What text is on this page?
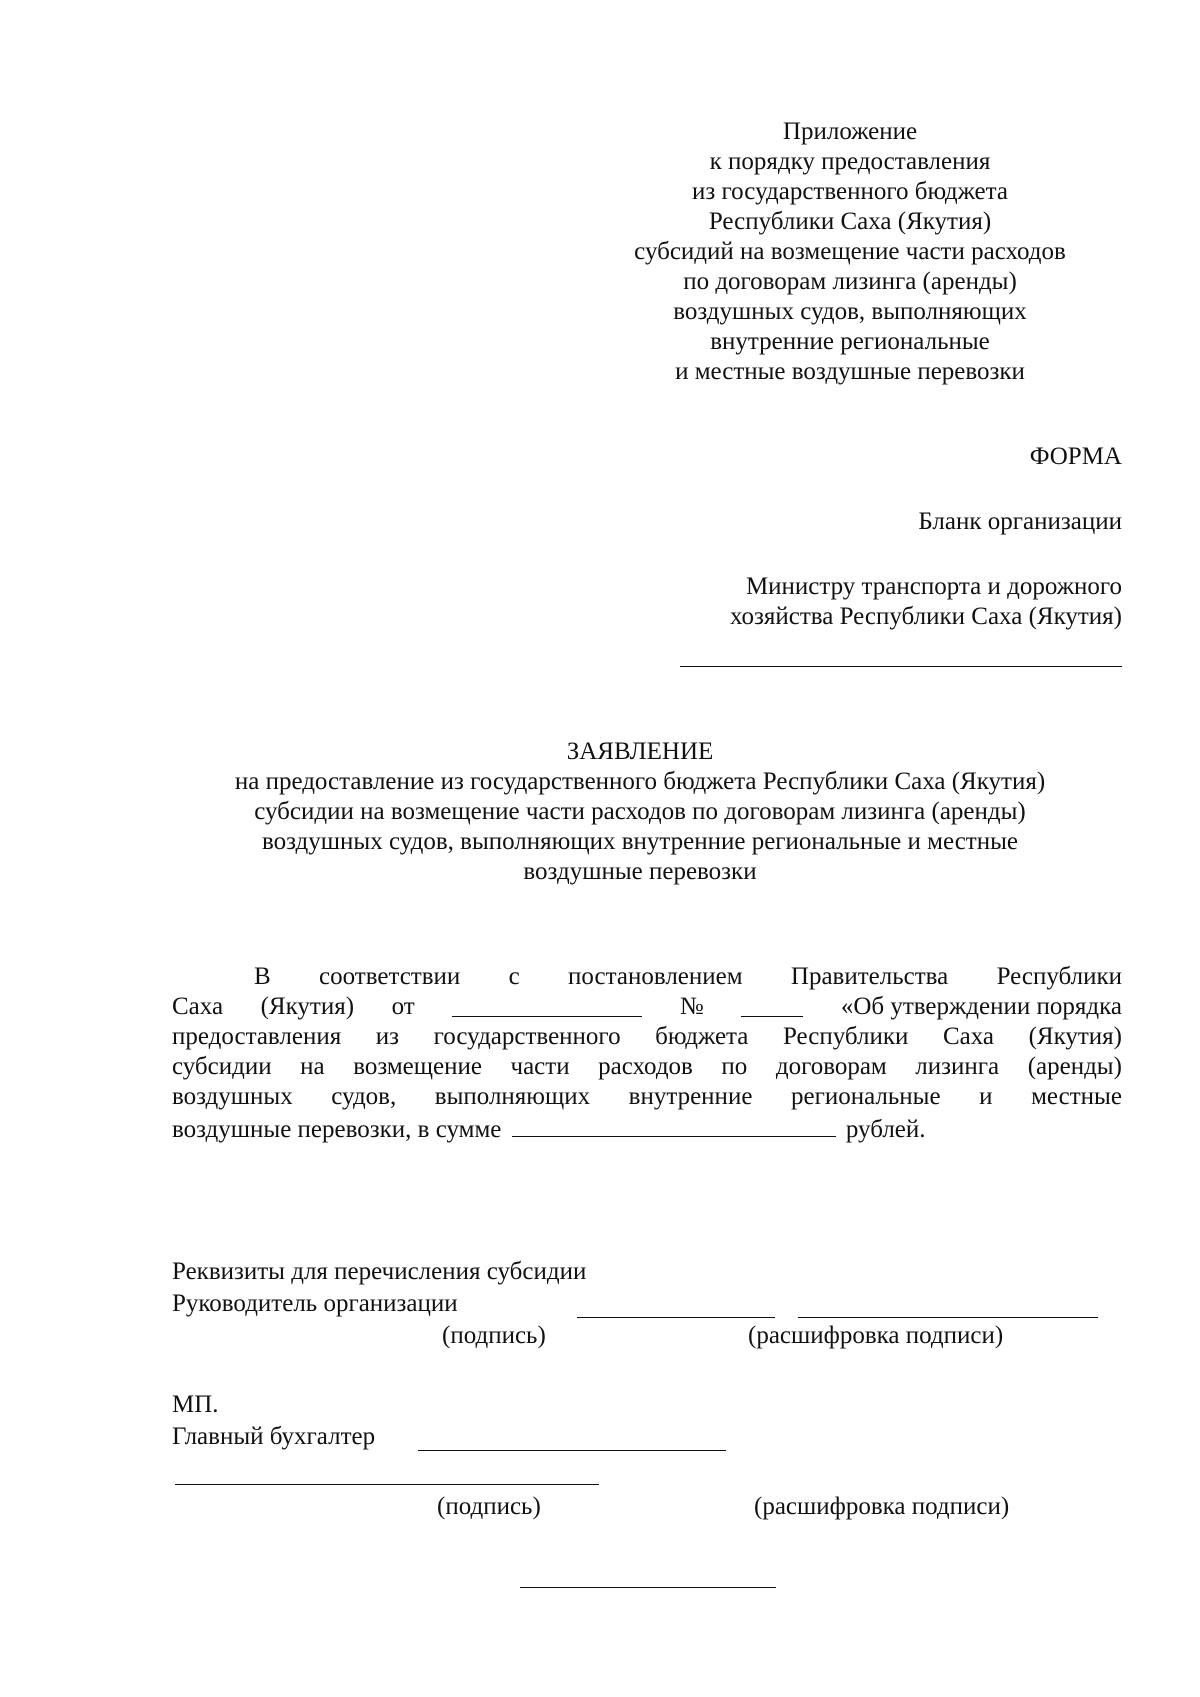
Приложение
к порядку предоставления
из государственного бюджета
Республики Саха (Якутия)
субсидий на возмещение части расходов
по договорам лизинга (аренды)
воздушных судов, выполняющих
внутренние региональные
и местные воздушные перевозки
ФОРМА
Бланк организации
Министру транспорта и дорожного
хозяйства Республики Саха (Якутия)
ЗАЯВЛЕНИЕ
на предоставление из государственного бюджета Республики Саха (Якутия)
субсидии на возмещение части расходов по договорам лизинга (аренды)
воздушных судов, выполняющих внутренние региональные и местные
воздушные перевозки
В соответствии с постановлением Правительства Республики
Саха (Якутия) от	№	«Об утверждении порядка
предоставления из государственного бюджета Республики Саха (Якутия)
субсидии на возмещение части расходов по договорам лизинга (аренды)
воздушных судов, выполняющих внутренние региональные и местные
воздушные перевозки, в сумме	рублей.
Реквизиты для перечисления субсидии
Руководитель организации
(подпись)	(расшифровка подписи)
МП.
Главный бухгалтер
(подпись)	(расшифровка подписи)
